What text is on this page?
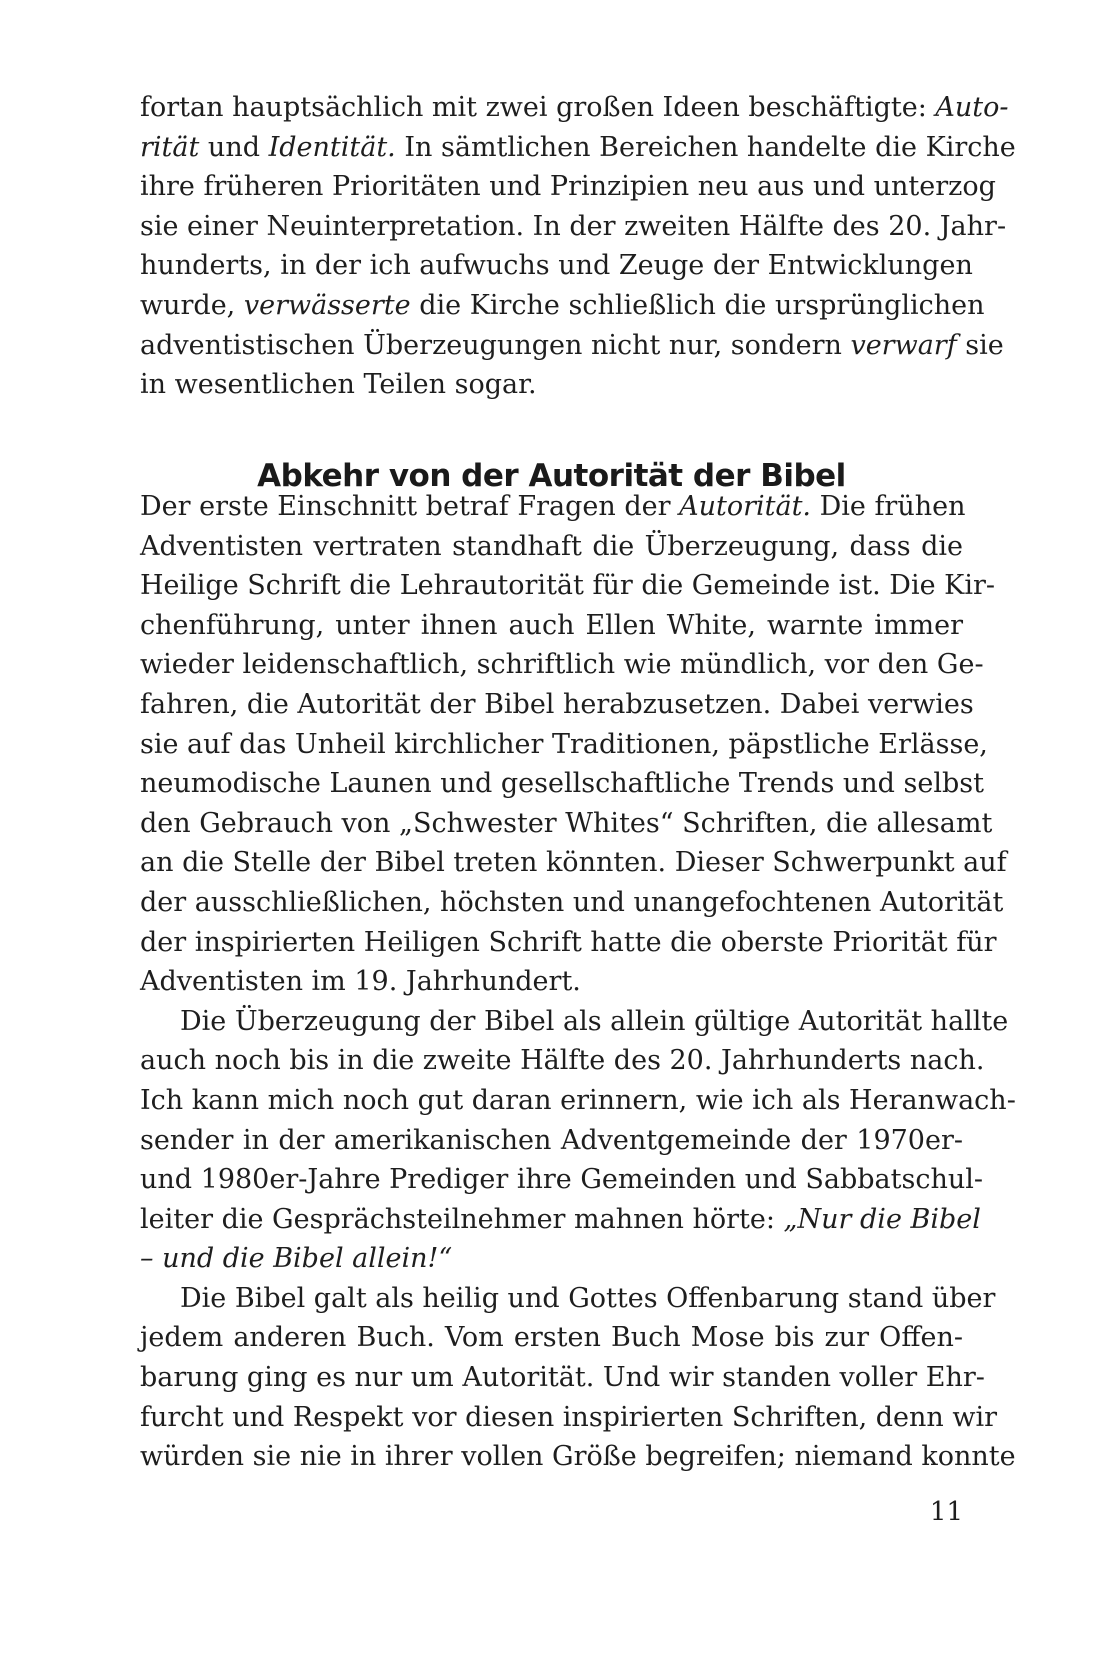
fortan hauptsächlich mit zwei großen Ideen beschäftigte: Auto-
rität und Identität. In sämtlichen Bereichen handelte die Kirche
ihre früheren Prioritäten und Prinzipien neu aus und unterzog
sie einer Neuinterpretation. In der zweiten Hälfte des 20. Jahr-
hunderts, in der ich aufwuchs und Zeuge der Entwicklungen
wurde, verwässerte die Kirche schließlich die ursprünglichen
adventistischen Überzeugungen nicht nur, sondern verwarf sie
in wesentlichen Teilen sogar.

Abkehr von der Autorität der Bibel

Der erste Einschnitt betraf Fragen der Autorität. Die frühen
Adventisten vertraten standhaft die Überzeugung, dass die
Heilige Schrift die Lehrautorität für die Gemeinde ist. Die Kir-
chenführung, unter ihnen auch Ellen White, warnte immer
wieder leidenschaftlich, schriftlich wie mündlich, vor den Ge-
fahren, die Autorität der Bibel herabzusetzen. Dabei verwies
sie auf das Unheil kirchlicher Traditionen, päpstliche Erlässe,
neumodische Launen und gesellschaftliche Trends und selbst
den Gebrauch von „Schwester Whites“ Schriften, die allesamt
an die Stelle der Bibel treten könnten. Dieser Schwerpunkt auf
der ausschließlichen, höchsten und unangefochtenen Autorität
der inspirierten Heiligen Schrift hatte die oberste Priorität für
Adventisten im 19. Jahrhundert.

Die Überzeugung der Bibel als allein gültige Autorität hallte
auch noch bis in die zweite Hälfte des 20. Jahrhunderts nach.
Ich kann mich noch gut daran erinnern, wie ich als Heranwach-
sender in der amerikanischen Adventgemeinde der 1970er-
und 1980er-Jahre Prediger ihre Gemeinden und Sabbatschul-
leiter die Gesprächsteilnehmer mahnen hörte: „Nur die Bibel
– und die Bibel allein!“

Die Bibel galt als heilig und Gottes Offenbarung stand über
jedem anderen Buch. Vom ersten Buch Mose bis zur Offen-
barung ging es nur um Autorität. Und wir standen voller Ehr-
furcht und Respekt vor diesen inspirierten Schriften, denn wir
würden sie nie in ihrer vollen Größe begreifen; niemand konnte

11
